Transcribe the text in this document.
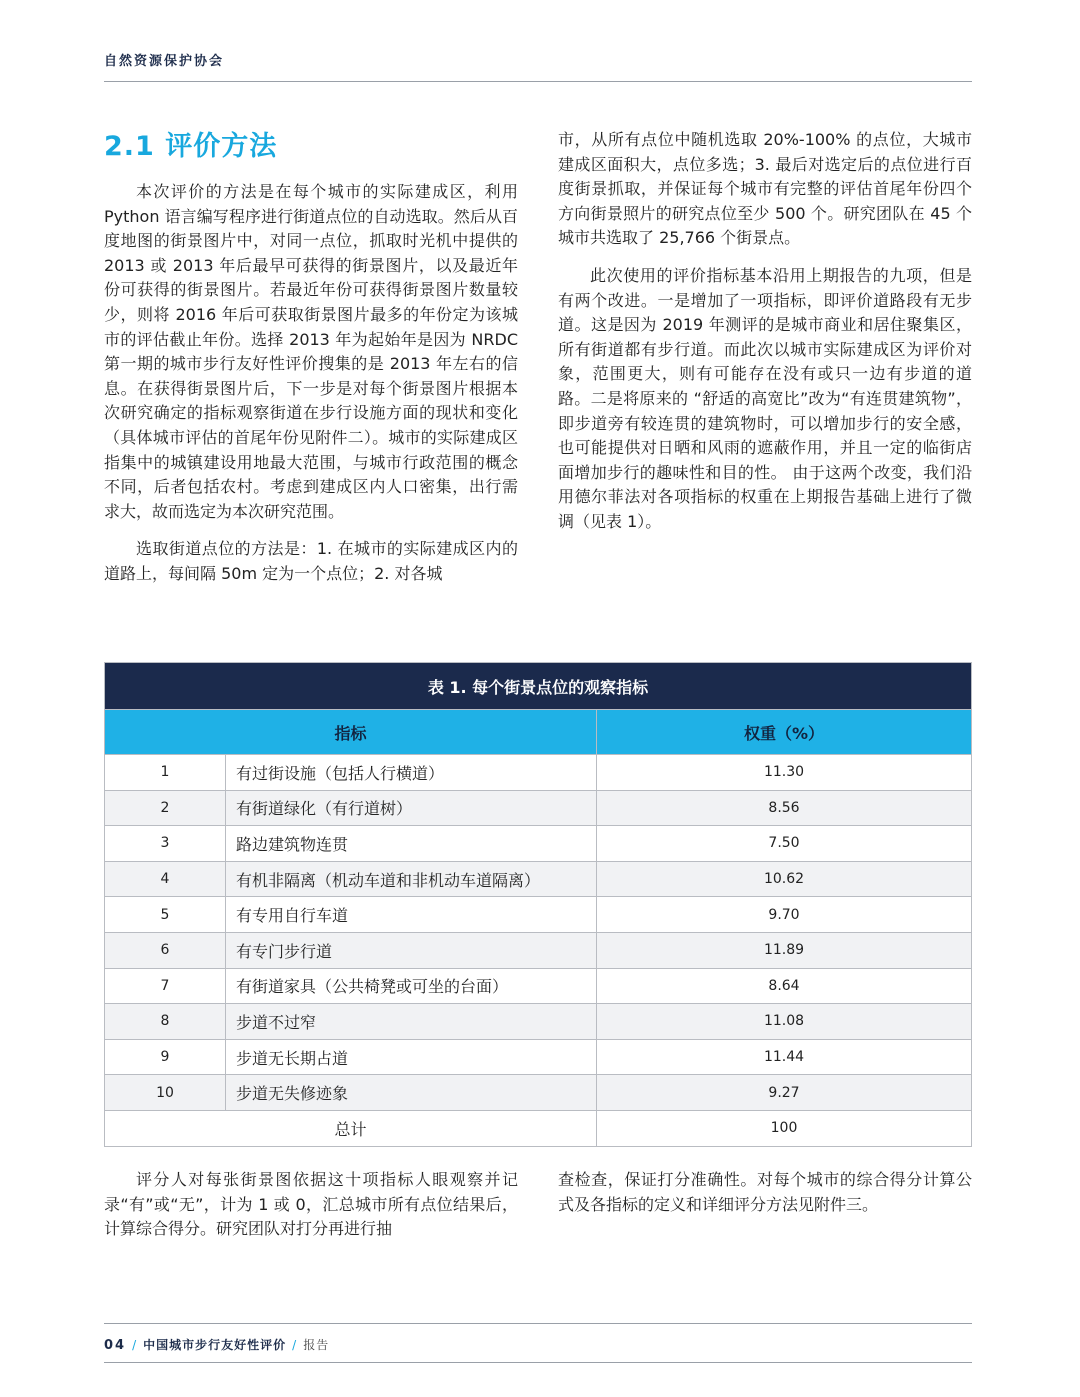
自然资源保护协会
2.1 评价方法

本次评价的方法是在每个城市的实际建成区，利用 Python 语言编写程序进行街道点位的自动选取。然后从百度地图的街景图片中，对同一点位，抓取时光机中提供的 2013 或 2013 年后最早可获得的街景图片，以及最近年份可获得的街景图片。若最近年份可获得街景图片数量较少，则将 2016 年后可获取街景图片最多的年份定为该城市的评估截止年份。选择 2013 年为起始年是因为 NRDC 第一期的城市步行友好性评价搜集的是 2013 年左右的信息。在获得街景图片后，下一步是对每个街景图片根据本次研究确定的指标观察街道在步行设施方面的现状和变化（具体城市评估的首尾年份见附件二）。城市的实际建成区指集中的城镇建设用地最大范围，与城市行政范围的概念不同，后者包括农村。考虑到建成区内人口密集，出行需求大，故而选定为本次研究范围。

选取街道点位的方法是：1. 在城市的实际建成区内的道路上，每间隔 50m 定为一个点位；2. 对各城

市，从所有点位中随机选取 20%-100% 的点位，大城市建成区面积大，点位多选；3. 最后对选定后的点位进行百度街景抓取，并保证每个城市有完整的评估首尾年份四个方向街景照片的研究点位至少 500 个。研究团队在 45 个城市共选取了 25,766 个街景点。

此次使用的评价指标基本沿用上期报告的九项，但是有两个改进。一是增加了一项指标，即评价道路段有无步道。这是因为 2019 年测评的是城市商业和居住聚集区，所有街道都有步行道。而此次以城市实际建成区为评价对象，范围更大，则有可能存在没有或只一边有步道的道路。二是将原来的 “舒适的高宽比”改为“有连贯建筑物”，即步道旁有较连贯的建筑物时，可以增加步行的安全感，也可能提供对日晒和风雨的遮蔽作用，并且一定的临街店面增加步行的趣味性和目的性。 由于这两个改变，我们沿用德尔菲法对各项指标的权重在上期报告基础上进行了微调（见表 1）。

表 1. 每个街景点位的观察指标		
指标		权重（%）
1	有过街设施（包括人行横道）	11.30
2	有街道绿化（有行道树）	8.56
3	路边建筑物连贯	7.50
4	有机非隔离（机动车道和非机动车道隔离）	10.62
5	有专用自行车道	9.70
6	有专门步行道	11.89
7	有街道家具（公共椅凳或可坐的台面）	8.64
8	步道不过窄	11.08
9	步道无长期占道	11.44
10	步道无失修迹象	9.27
总计		100

评分人对每张街景图依据这十项指标人眼观察并记录“有”或“无”，计为 1 或 0，汇总城市所有点位结果后，计算综合得分。研究团队对打分再进行抽

查检查，保证打分准确性。对每个城市的综合得分计算公式及各指标的定义和详细评分方法见附件三。

04 / 中国城市步行友好性评价 / 报告
